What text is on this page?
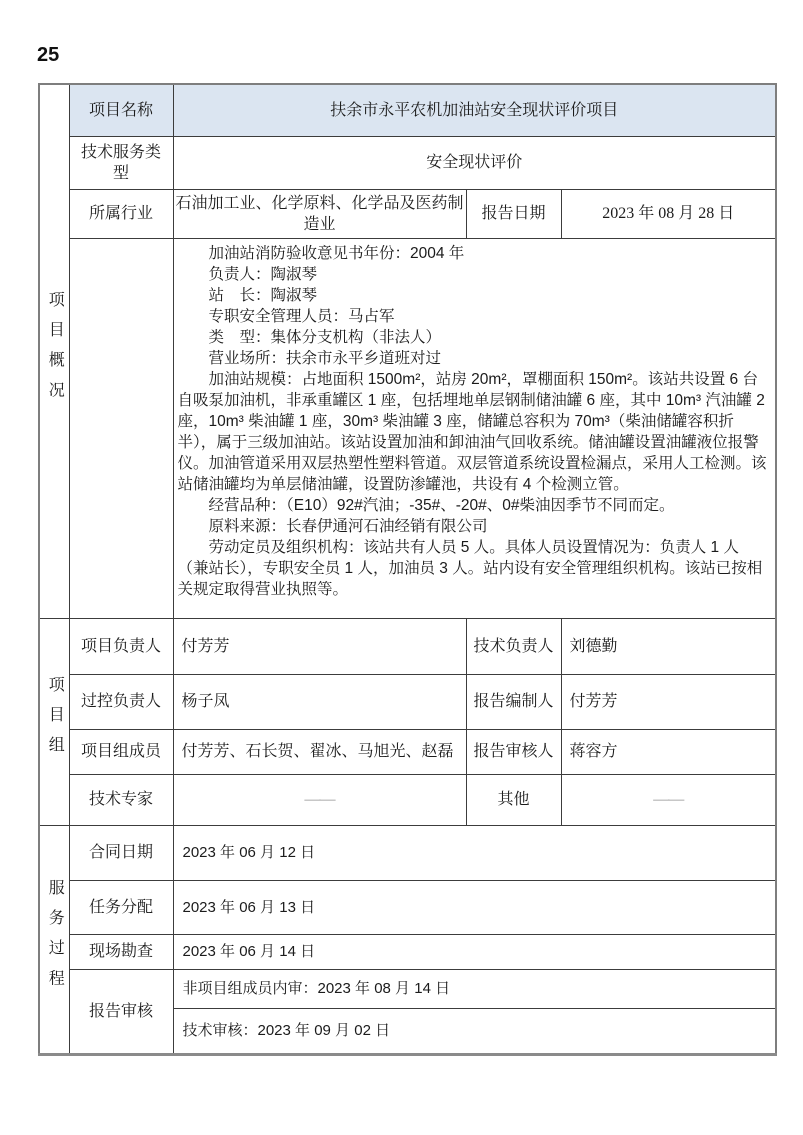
25
项目概况	项目名称	扶余市永平农机加油站安全现状评价项目		
	技术服务类型	安全现状评价		
	所属行业	石油加工业、化学原料、化学品及医药制造业	报告日期	2023 年 08 月 28 日

加油站消防验收意见书年份：2004 年

负责人：陶淑琴

站　长：陶淑琴

专职安全管理人员：马占军

类　型：集体分支机构（非法人）

营业场所：扶余市永平乡道班对过

加油站规模：占地面积 1500m²，站房 20m²，罩棚面积 150m²。该站共设置 6 台自吸泵加油机，非承重罐区 1 座，包括埋地单层钢制储油罐 6 座，其中 10m³ 汽油罐 2 座，10m³ 柴油罐 1 座，30m³ 柴油罐 3 座，储罐总容积为 70m³（柴油储罐容积折半），属于三级加油站。该站设置加油和卸油油气回收系统。储油罐设置油罐液位报警仪。加油管道采用双层热塑性塑料管道。双层管道系统设置检漏点，采用人工检测。该站储油罐均为单层储油罐，设置防渗罐池，共设有 4 个检测立管。

经营品种：（E10）92#汽油；-35#、-20#、0#柴油因季节不同而定。

原料来源：长春伊通河石油经销有限公司

劳动定员及组织机构：该站共有人员 5 人。具体人员设置情况为：负责人 1 人（兼站长），专职安全员 1 人，加油员 3 人。站内设有安全管理组织机构。该站已按相关规定取得营业执照等。

项目组	项目负责人	付芳芳	技术负责人	刘德勤
	过控负责人	杨子凤	报告编制人	付芳芳
	项目组成员	付芳芳、石长贺、翟冰、马旭光、赵磊	报告审核人	蒋容方
	技术专家	——	其他	——

服务过程	合同日期	2023 年 06 月 12 日		
	任务分配	2023 年 06 月 13 日		
	现场勘查	2023 年 06 月 14 日		
	报告审核	非项目组成员内审：2023 年 08 月 14 日		
		技术审核：2023 年 09 月 02 日		
